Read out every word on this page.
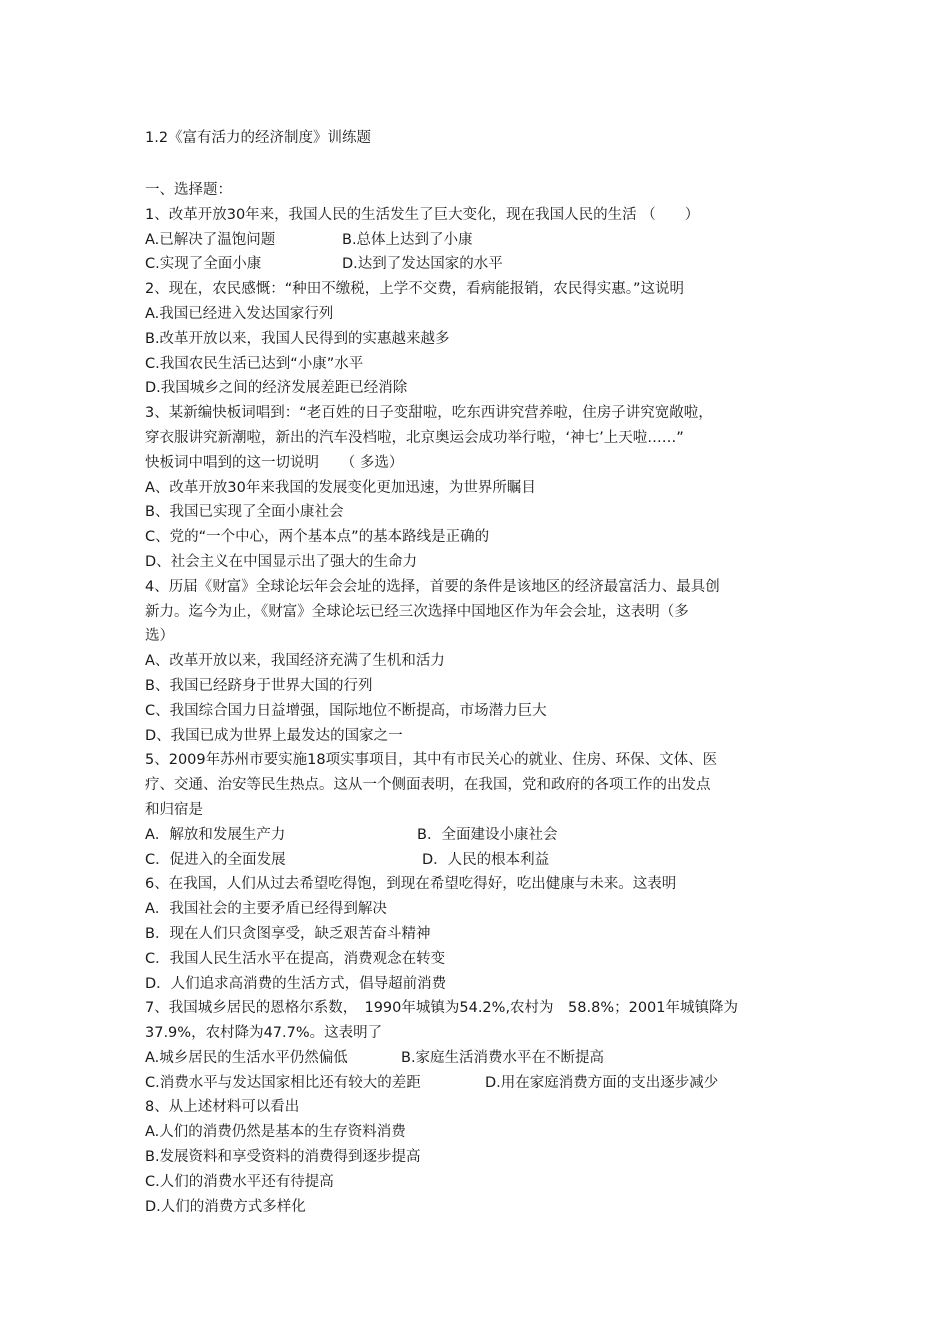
1.2《富有活力的经济制度》训练题
一、选择题：
1、改革开放30年来，我国人民的生活发生了巨大变化，现在我国人民的生活 （　　）
A.已解决了温饱问题	B.总体上达到了小康
C.实现了全面小康	D.达到了发达国家的水平
2、现在，农民感慨：“种田不缴税，上学不交费，看病能报销，农民得实惠。”这说明
A.我国已经进入发达国家行列
B.改革开放以来，我国人民得到的实惠越来越多
C.我国农民生活已达到“小康”水平
D.我国城乡之间的经济发展差距已经消除
3、某新编快板词唱到：“老百姓的日子变甜啦，吃东西讲究营养啦，住房子讲究宽敞啦，
穿衣服讲究新潮啦，新出的汽车没档啦，北京奥运会成功举行啦，‘神七’上天啦……”
快板词中唱到的这一切说明　　（ 多选）
A、改革开放30年来我国的发展变化更加迅速，为世界所瞩目
B、我国已实现了全面小康社会
C、党的“一个中心，两个基本点”的基本路线是正确的
D、社会主义在中国显示出了强大的生命力
4、历届《财富》全球论坛年会会址的选择，首要的条件是该地区的经济最富活力、最具创
新力。迄今为止，《财富》全球论坛已经三次选择中国地区作为年会会址，这表明（多
选）
A、改革开放以来，我国经济充满了生机和活力
B、我国已经跻身于世界大国的行列
C、我国综合国力日益增强，国际地位不断提高，市场潜力巨大
D、我国已成为世界上最发达的国家之一
5、2009年苏州市要实施18项实事项目，其中有市民关心的就业、住房、环保、文体、医
疗、交通、治安等民生热点。这从一个侧面表明，在我国，党和政府的各项工作的出发点
和归宿是
A．解放和发展生产力	B．全面建设小康社会
C．促进入的全面发展	D．人民的根本利益
6、在我国，人们从过去希望吃得饱，到现在希望吃得好，吃出健康与未来。这表明
A．我国社会的主要矛盾已经得到解决
B．现在人们只贪图享受，缺乏艰苦奋斗精神
C．我国人民生活水平在提高，消费观念在转变
D．人们追求高消费的生活方式，倡导超前消费
7、我国城乡居民的恩格尔系数，　1990年城镇为54.2%,农村为　58.8%；2001年城镇降为
37.9%，农村降为47.7%。这表明了
A.城乡居民的生活水平仍然偏低	B.家庭生活消费水平在不断提高
C.消费水平与发达国家相比还有较大的差距	D.用在家庭消费方面的支出逐步减少
8、从上述材料可以看出
A.人们的消费仍然是基本的生存资料消费
B.发展资料和享受资料的消费得到逐步提高
C.人们的消费水平还有待提高
D.人们的消费方式多样化
